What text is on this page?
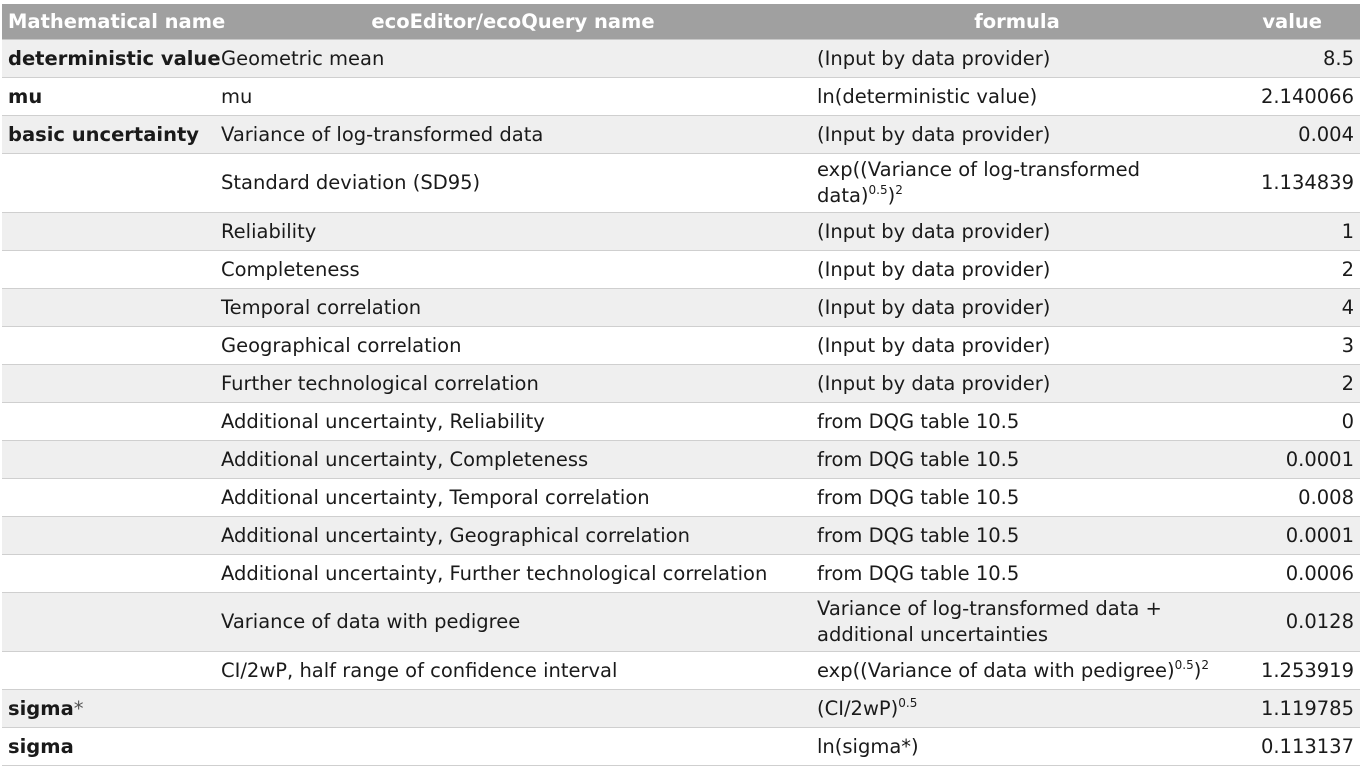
Mathematical name	ecoEditor/ecoQuery name	formula	value
deterministic value	Geometric mean	(Input by data provider)	8.5
mu	mu	ln(deterministic value)	2.140066
basic uncertainty	Variance of log-transformed data	(Input by data provider)	0.004
	Standard deviation (SD95)	exp((Variance of log-transformed data)$^{0.5}$)$^2$	1.134839
	Reliability	(Input by data provider)	1
	Completeness	(Input by data provider)	2
	Temporal correlation	(Input by data provider)	4
	Geographical correlation	(Input by data provider)	3
	Further technological correlation	(Input by data provider)	2
	Additional uncertainty, Reliability	from DQG table 10.5	0
	Additional uncertainty, Completeness	from DQG table 10.5	0.0001
	Additional uncertainty, Temporal correlation	from DQG table 10.5	0.008
	Additional uncertainty, Geographical correlation	from DQG table 10.5	0.0001
	Additional uncertainty, Further technological correlation	from DQG table 10.5	0.0006
	Variance of data with pedigree	Variance of log-transformed data + additional uncertainties	0.0128
	CI/2wP, half range of confidence interval	exp((Variance of data with pedigree)$^{0.5}$)$^2$	1.253919
sigma*		$(CI/2wP)^{0.5}$	1.119785
sigma		ln(sigma*)	0.113137
